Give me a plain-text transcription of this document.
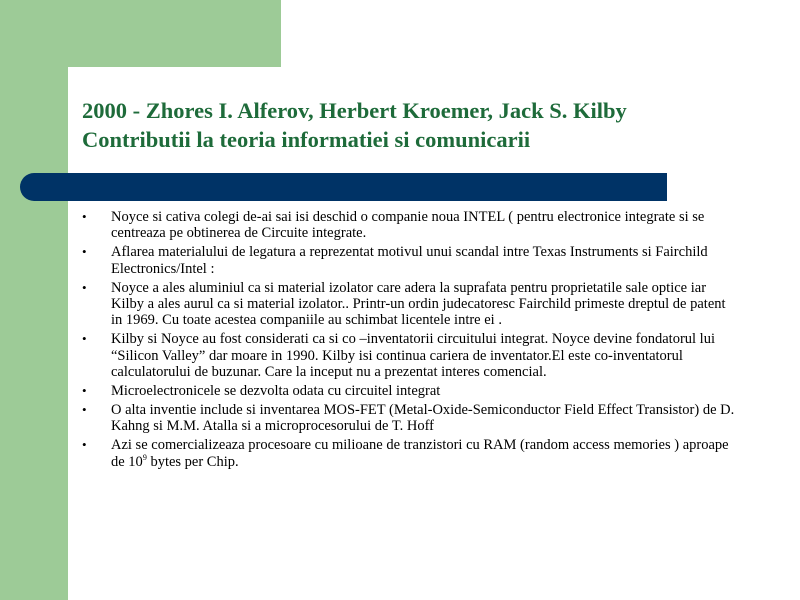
2000 - Zhores I. Alferov, Herbert Kroemer, Jack S. Kilby
Contributii la teoria informatiei si comunicarii
• Noyce si cativa colegi de-ai sai isi deschid o companie noua INTEL ( pentru electronice integrate si se centreaza pe obtinerea de Circuite integrate.
• Aflarea materialului de legatura a reprezentat motivul unui scandal intre Texas Instruments si Fairchild Electronics/Intel :
• Noyce a ales aluminiul ca si material izolator care adera la suprafata pentru proprietatile sale optice iar Kilby a ales aurul ca si material izolator.. Printr-un ordin judecatoresc Fairchild primeste dreptul de patent in 1969. Cu toate acestea companiile au schimbat licentele intre ei .
• Kilby si Noyce au fost considerati ca si co –inventatorii circuitului integrat. Noyce devine fondatorul lui “Silicon Valley” dar moare in 1990. Kilby isi continua cariera de inventator.El este co-inventatorul calculatorului de buzunar. Care la inceput nu a prezentat interes comencial.
• Microelectronicele se dezvolta odata cu circuitel integrat
• O alta inventie include si inventarea MOS-FET (Metal-Oxide-Semiconductor Field Effect Transistor) de D. Kahng si M.M. Atalla si a microprocesorului de T. Hoff
• Azi se comercializeaza procesoare cu milioane de tranzistori cu RAM (random access memories ) aproape de $10^9$ bytes per Chip.
